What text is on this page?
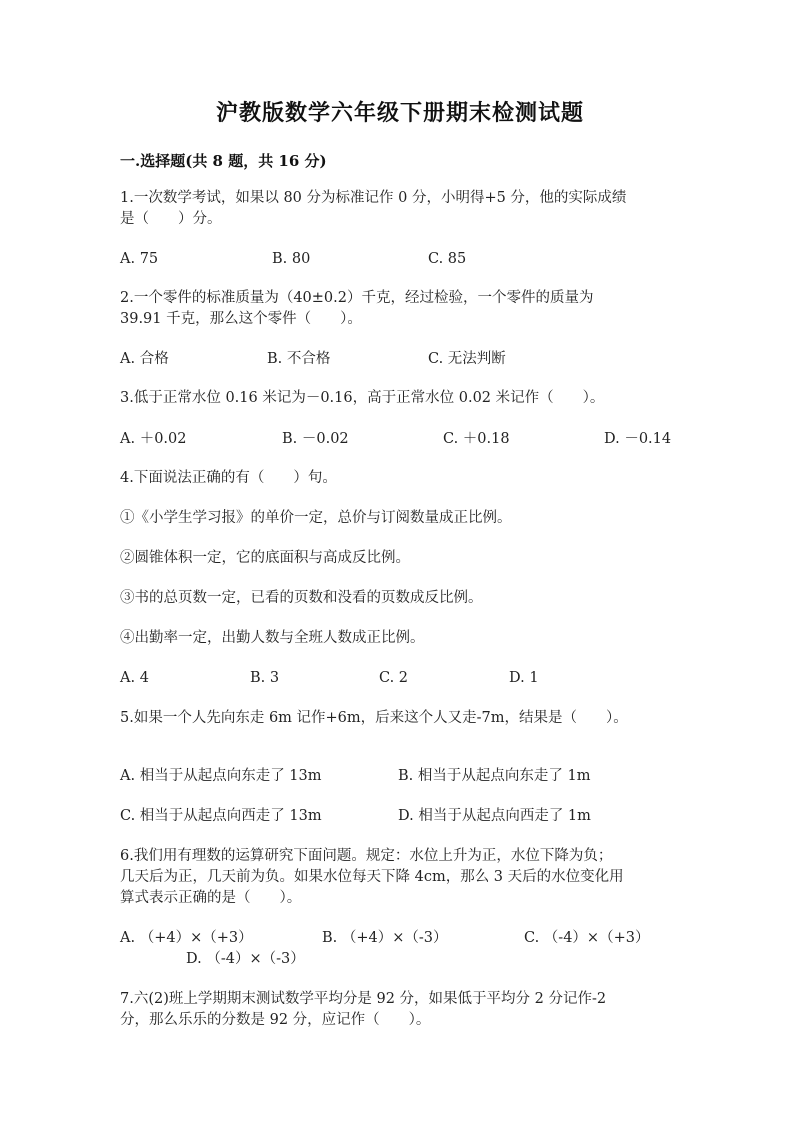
沪教版数学六年级下册期末检测试题
一.选择题(共 8 题，共 16 分)
1.一次数学考试，如果以 80 分为标准记作 0 分，小明得+5 分，他的实际成绩
是（　　）分。
A. 75	B. 80	C. 85
2.一个零件的标准质量为（40±0.2）千克，经过检验，一个零件的质量为
39.91 千克，那么这个零件（　　）。
A. 合格	B. 不合格	C. 无法判断
3.低于正常水位 0.16 米记为－0.16，高于正常水位 0.02 米记作（　　）。
A. ＋0.02	B. －0.02	C. ＋0.18	D. －0.14
4.下面说法正确的有（　　）句。
①《小学生学习报》的单价一定，总价与订阅数量成正比例。
②圆锥体积一定，它的底面积与高成反比例。
③书的总页数一定，已看的页数和没看的页数成反比例。
④出勤率一定，出勤人数与全班人数成正比例。
A. 4	B. 3	C. 2	D. 1
5.如果一个人先向东走 6m 记作+6m，后来这个人又走-7m，结果是（　　）。
A. 相当于从起点向东走了 13m	B. 相当于从起点向东走了 1m
C. 相当于从起点向西走了 13m	D. 相当于从起点向西走了 1m
6.我们用有理数的运算研究下面问题。规定：水位上升为正，水位下降为负；
几天后为正，几天前为负。如果水位每天下降 4cm，那么 3 天后的水位变化用
算式表示正确的是（　　）。
A. （+4）×（+3）	B. （+4）×（-3）	C. （-4）×（+3）
D. （-4）×（-3）
7.六(2)班上学期期末测试数学平均分是 92 分，如果低于平均分 2 分记作-2
分，那么乐乐的分数是 92 分，应记作（　　）。
